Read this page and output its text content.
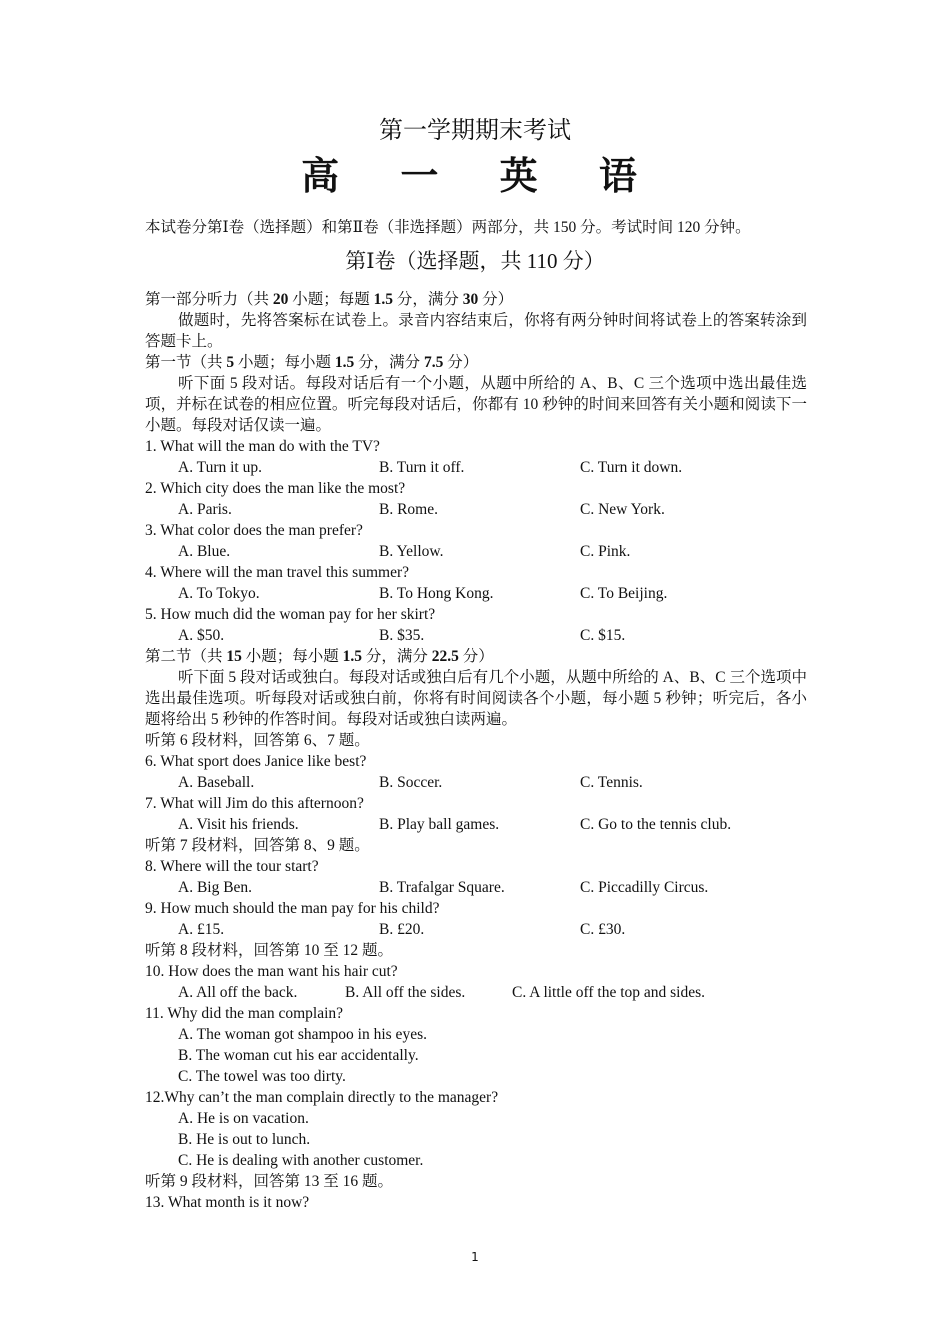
第一学期期末考试
高 一 英 语
本试卷分第Ⅰ卷（选择题）和第Ⅱ卷（非选择题）两部分，共 150 分。考试时间 120 分钟。
第Ⅰ卷（选择题，共 110 分）
第一部分听力（共 20 小题；每题 1.5 分，满分 30 分）

做题时，先将答案标在试卷上。录音内容结束后，你将有两分钟时间将试卷上的答案转涂到答题卡上。

第一节（共 5 小题；每小题 1.5 分，满分 7.5 分）

听下面 5 段对话。每段对话后有一个小题，从题中所给的 A、B、C 三个选项中选出最佳选项，并标在试卷的相应位置。听完每段对话后，你都有 10 秒钟的时间来回答有关小题和阅读下一小题。每段对话仅读一遍。

1. What will the man do with the TV?
A. Turn it up.	B. Turn it off.	C. Turn it down.
2. Which city does the man like the most?
A. Paris.	B. Rome.	C. New York.
3. What color does the man prefer?
A. Blue.	B. Yellow.	C. Pink.
4. Where will the man travel this summer?
A. To Tokyo.	B. To Hong Kong.	C. To Beijing.
5. How much did the woman pay for her skirt?
A. $50.	B. $35.	C. $15.
第二节（共 15 小题；每小题 1.5 分，满分 22.5 分）

听下面 5 段对话或独白。每段对话或独白后有几个小题，从题中所给的 A、B、C 三个选项中选出最佳选项。听每段对话或独白前，你将有时间阅读各个小题，每小题 5 秒钟；听完后，各小题将给出 5 秒钟的作答时间。每段对话或独白读两遍。

听第 6 段材料，回答第 6、7 题。
6. What sport does Janice like best?
A. Baseball.	B. Soccer.	C. Tennis.
7. What will Jim do this afternoon?
A. Visit his friends.	B. Play ball games.	C. Go to the tennis club.
听第 7 段材料，回答第 8、9 题。
8. Where will the tour start?
A. Big Ben.	B. Trafalgar Square.	C. Piccadilly Circus.
9. How much should the man pay for his child?
A. £15.	B. £20.	C. £30.
听第 8 段材料，回答第 10 至 12 题。
10. How does the man want his hair cut?
A. All off the back.	B. All off the sides.	C. A little off the top and sides.
11. Why did the man complain?
A. The woman got shampoo in his eyes.
B. The woman cut his ear accidentally.
C. The towel was too dirty.
12.Why can’t the man complain directly to the manager?
A. He is on vacation.
B. He is out to lunch.
C. He is dealing with another customer.
听第 9 段材料，回答第 13 至 16 题。
13. What month is it now?
1
